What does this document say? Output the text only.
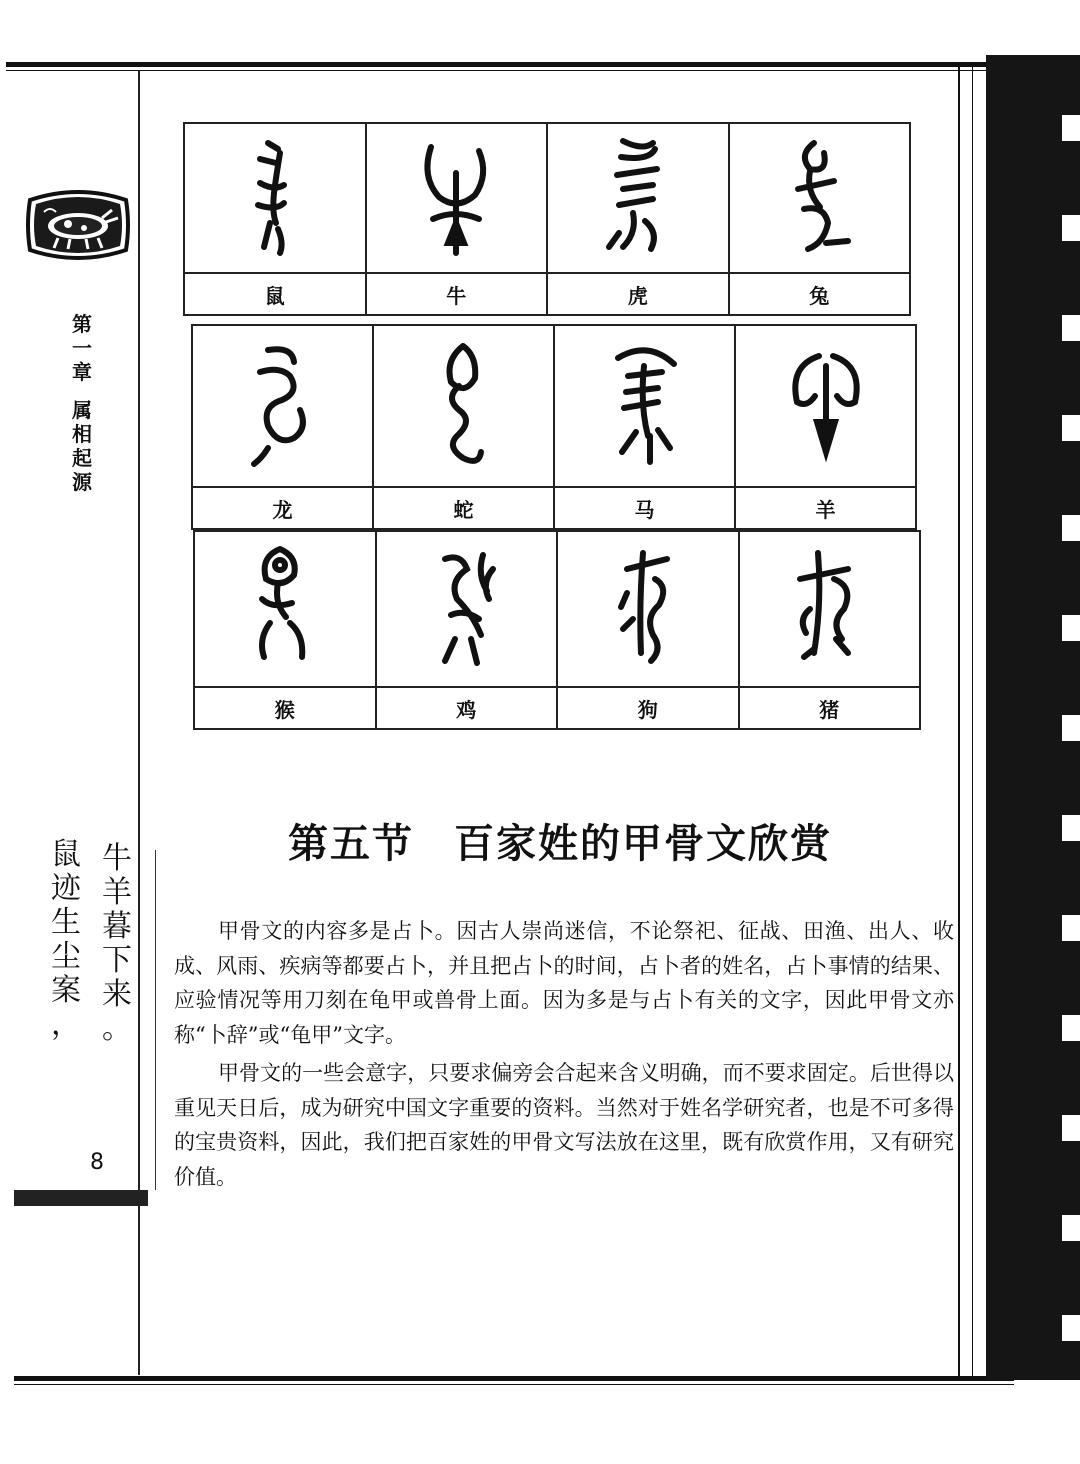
第
一
章
属
相
起
源
牛
羊
暮
下
来
。
鼠
迹
生
尘
案
，
8

鼠	牛	虎	兔

龙	蛇	马	羊

猴	鸡	狗	猪
第五节 百家姓的甲骨文欣赏
甲骨文的内容多是占卜。因古人崇尚迷信，不论祭祀、征战、田渔、出人、收成、风雨、疾病等都要占卜，并且把占卜的时间，占卜者的姓名，占卜事情的结果、应验情况等用刀刻在龟甲或兽骨上面。因为多是与占卜有关的文字，因此甲骨文亦称“卜辞”或“龟甲”文字。
甲骨文的一些会意字，只要求偏旁会合起来含义明确，而不要求固定。后世得以重见天日后，成为研究中国文字重要的资料。当然对于姓名学研究者，也是不可多得的宝贵资料，因此，我们把百家姓的甲骨文写法放在这里，既有欣赏作用，又有研究价值。
